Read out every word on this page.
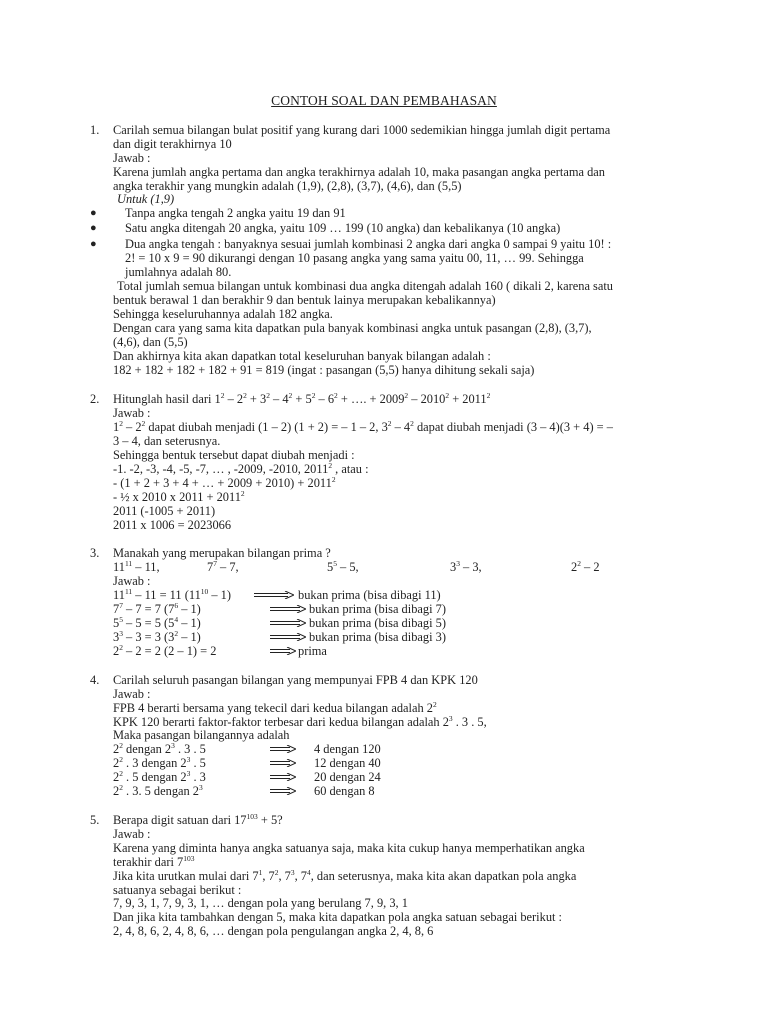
CONTOH SOAL DAN PEMBAHASAN
1. Carilah semua bilangan bulat positif yang kurang dari 1000 sedemikian hingga jumlah digit pertama
dan digit terakhirnya 10
Jawab :
Karena jumlah angka pertama dan angka terakhirnya adalah 10, maka pasangan angka pertama dan
angka terakhir yang mungkin adalah (1,9), (2,8), (3,7), (4,6), dan (5,5)
Untuk (1,9)
● Tanpa angka tengah 2 angka yaitu 19 dan 91
● Satu angka ditengah 20 angka, yaitu 109 … 199 (10 angka) dan kebalikanya (10 angka)
● Dua angka tengah : banyaknya sesuai jumlah kombinasi 2 angka dari angka 0 sampai 9 yaitu 10! :
2! = 10 x 9 = 90 dikurangi dengan 10 pasang angka yang sama yaitu 00, 11, … 99. Sehingga
jumlahnya adalah 80.
Total jumlah semua bilangan untuk kombinasi dua angka ditengah adalah 160 ( dikali 2, karena satu
bentuk berawal 1 dan berakhir 9 dan bentuk lainya merupakan kebalikannya)
Sehingga keseluruhannya adalah 182 angka.
Dengan cara yang sama kita dapatkan pula banyak kombinasi angka untuk pasangan (2,8), (3,7),
(4,6), dan (5,5)
Dan akhirnya kita akan dapatkan total keseluruhan banyak bilangan adalah :
182 + 182 + 182 + 182 + 91 = 819 (ingat : pasangan (5,5) hanya dihitung sekali saja)
2. Hitunglah hasil dari $1^2 - 2^2 + 3^2 - 4^2 + 5^2 - 6^2$ + …. + $2009^2 - 2010^2 + 2011^2$
Jawab :
$1^2 - 2^2$ dapat diubah menjadi (1 – 2) (1 + 2) = – 1 – 2, $3^2 - 4^2$ dapat diubah menjadi (3 – 4)(3 + 4) = –
3 – 4, dan seterusnya.
Sehingga bentuk tersebut dapat diubah menjadi :
-1. -2, -3, -4, -5, -7, … , -2009, -2010, 2011$^2$ , atau :
- (1 + 2 + 3 + 4 + … + $2009 + 2010) + 2011^2$
- ½ x 2010 x $2011 + 2011^2$
2011 (-1005 + 2011)
2011 x 1006 = 2023066
3. Manakah yang merupakan bilangan prima ?
$11^{11} - 11$,	$7^7 - 7$,	$5^5 - 5$,	$3^3 - 3$,	$2^2 - 2$
Jawab :
$11^{11} - 11 = 11$ $(11^{10} - 1)$	bukan prima (bisa dibagi 11)
$7^7 - 7 = 7$ $(7^6 - 1)$	bukan prima (bisa dibagi 7)
$5^5 - 5 = 5$ $(5^4 - 1)$	bukan prima (bisa dibagi 5)
$3^3 - 3 = 3$ $(3^2 - 1)$	bukan prima (bisa dibagi 3)
$2^2 - 2 = 2$ (2 – 1) = 2	prima
4. Carilah seluruh pasangan bilangan yang mempunyai FPB 4 dan KPK 120
Jawab :
FPB 4 berarti bersama yang tekecil dari kedua bilangan adalah $2^2$
KPK 120 berarti faktor-faktor terbesar dari kedua bilangan adalah $2^3$ . 3 . 5,
Maka pasangan bilangannya adalah
$2^2$ dengan $2^3$ . 3 . 5	4 dengan 120
$2^2$ . 3 dengan $2^3$ . 5	12 dengan 40
$2^2$ . 5 dengan $2^3$ . 3	20 dengan 24
$2^2$ . 3. 5 dengan $2^3$	60 dengan 8
5. Berapa digit satuan dari $17^{103} + 5$?
Jawab :
Karena yang diminta hanya angka satuanya saja, maka kita cukup hanya memperhatikan angka
terakhir dari $7^{103}$
Jika kita urutkan mulai dari $7^1$, $7^2$, $7^3$, $7^4$, dan seterusnya, maka kita akan dapatkan pola angka
satuanya sebagai berikut :
7, 9, 3, 1, 7, 9, 3, 1, … dengan pola yang berulang 7, 9, 3, 1
Dan jika kita tambahkan dengan 5, maka kita dapatkan pola angka satuan sebagai berikut :
2, 4, 8, 6, 2, 4, 8, 6, … dengan pola pengulangan angka 2, 4, 8, 6
